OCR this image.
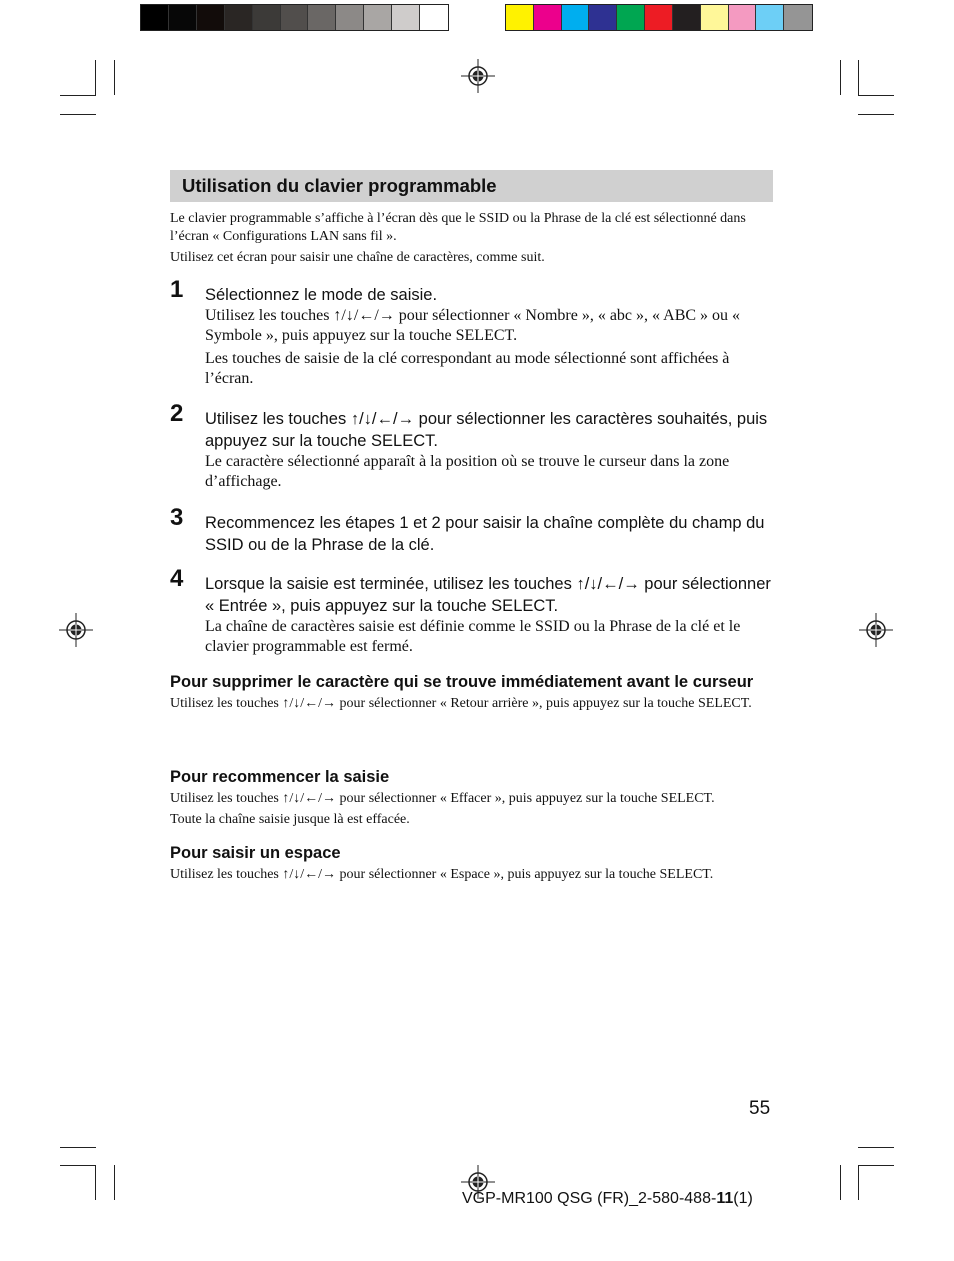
Utilisation du clavier programmable

Le clavier programmable s’affiche à l’écran dès que le SSID ou la Phrase de la clé est sélectionné dans l’écran « Configurations LAN sans fil ».

Utilisez cet écran pour saisir une chaîne de caractères, comme suit.

1 Sélectionnez le mode de saisie.

Utilisez les touches ↑/↓/←/→ pour sélectionner « Nombre », « abc », « ABC » ou « Symbole », puis appuyez sur la touche SELECT.

Les touches de saisie de la clé correspondant au mode sélectionné sont affichées à l’écran.

2 Utilisez les touches ↑/↓/←/→ pour sélectionner les caractères souhaités, puis appuyez sur la touche SELECT.

Le caractère sélectionné apparaît à la position où se trouve le curseur dans la zone d’affichage.

3 Recommencez les étapes 1 et 2 pour saisir la chaîne complète du champ du SSID ou de la Phrase de la clé.

4 Lorsque la saisie est terminée, utilisez les touches ↑/↓/←/→ pour sélectionner « Entrée », puis appuyez sur la touche SELECT.

La chaîne de caractères saisie est définie comme le SSID ou la Phrase de la clé et le clavier programmable est fermé.

Pour supprimer le caractère qui se trouve immédiatement avant le curseur

Utilisez les touches ↑/↓/←/→ pour sélectionner « Retour arrière », puis appuyez sur la touche SELECT.

Pour recommencer la saisie

Utilisez les touches ↑/↓/←/→ pour sélectionner « Effacer », puis appuyez sur la touche SELECT.

Toute la chaîne saisie jusque là est effacée.

Pour saisir un espace

Utilisez les touches ↑/↓/←/→ pour sélectionner « Espace », puis appuyez sur la touche SELECT.

55
VGP-MR100 QSG (FR)_2-580-488-11(1)
